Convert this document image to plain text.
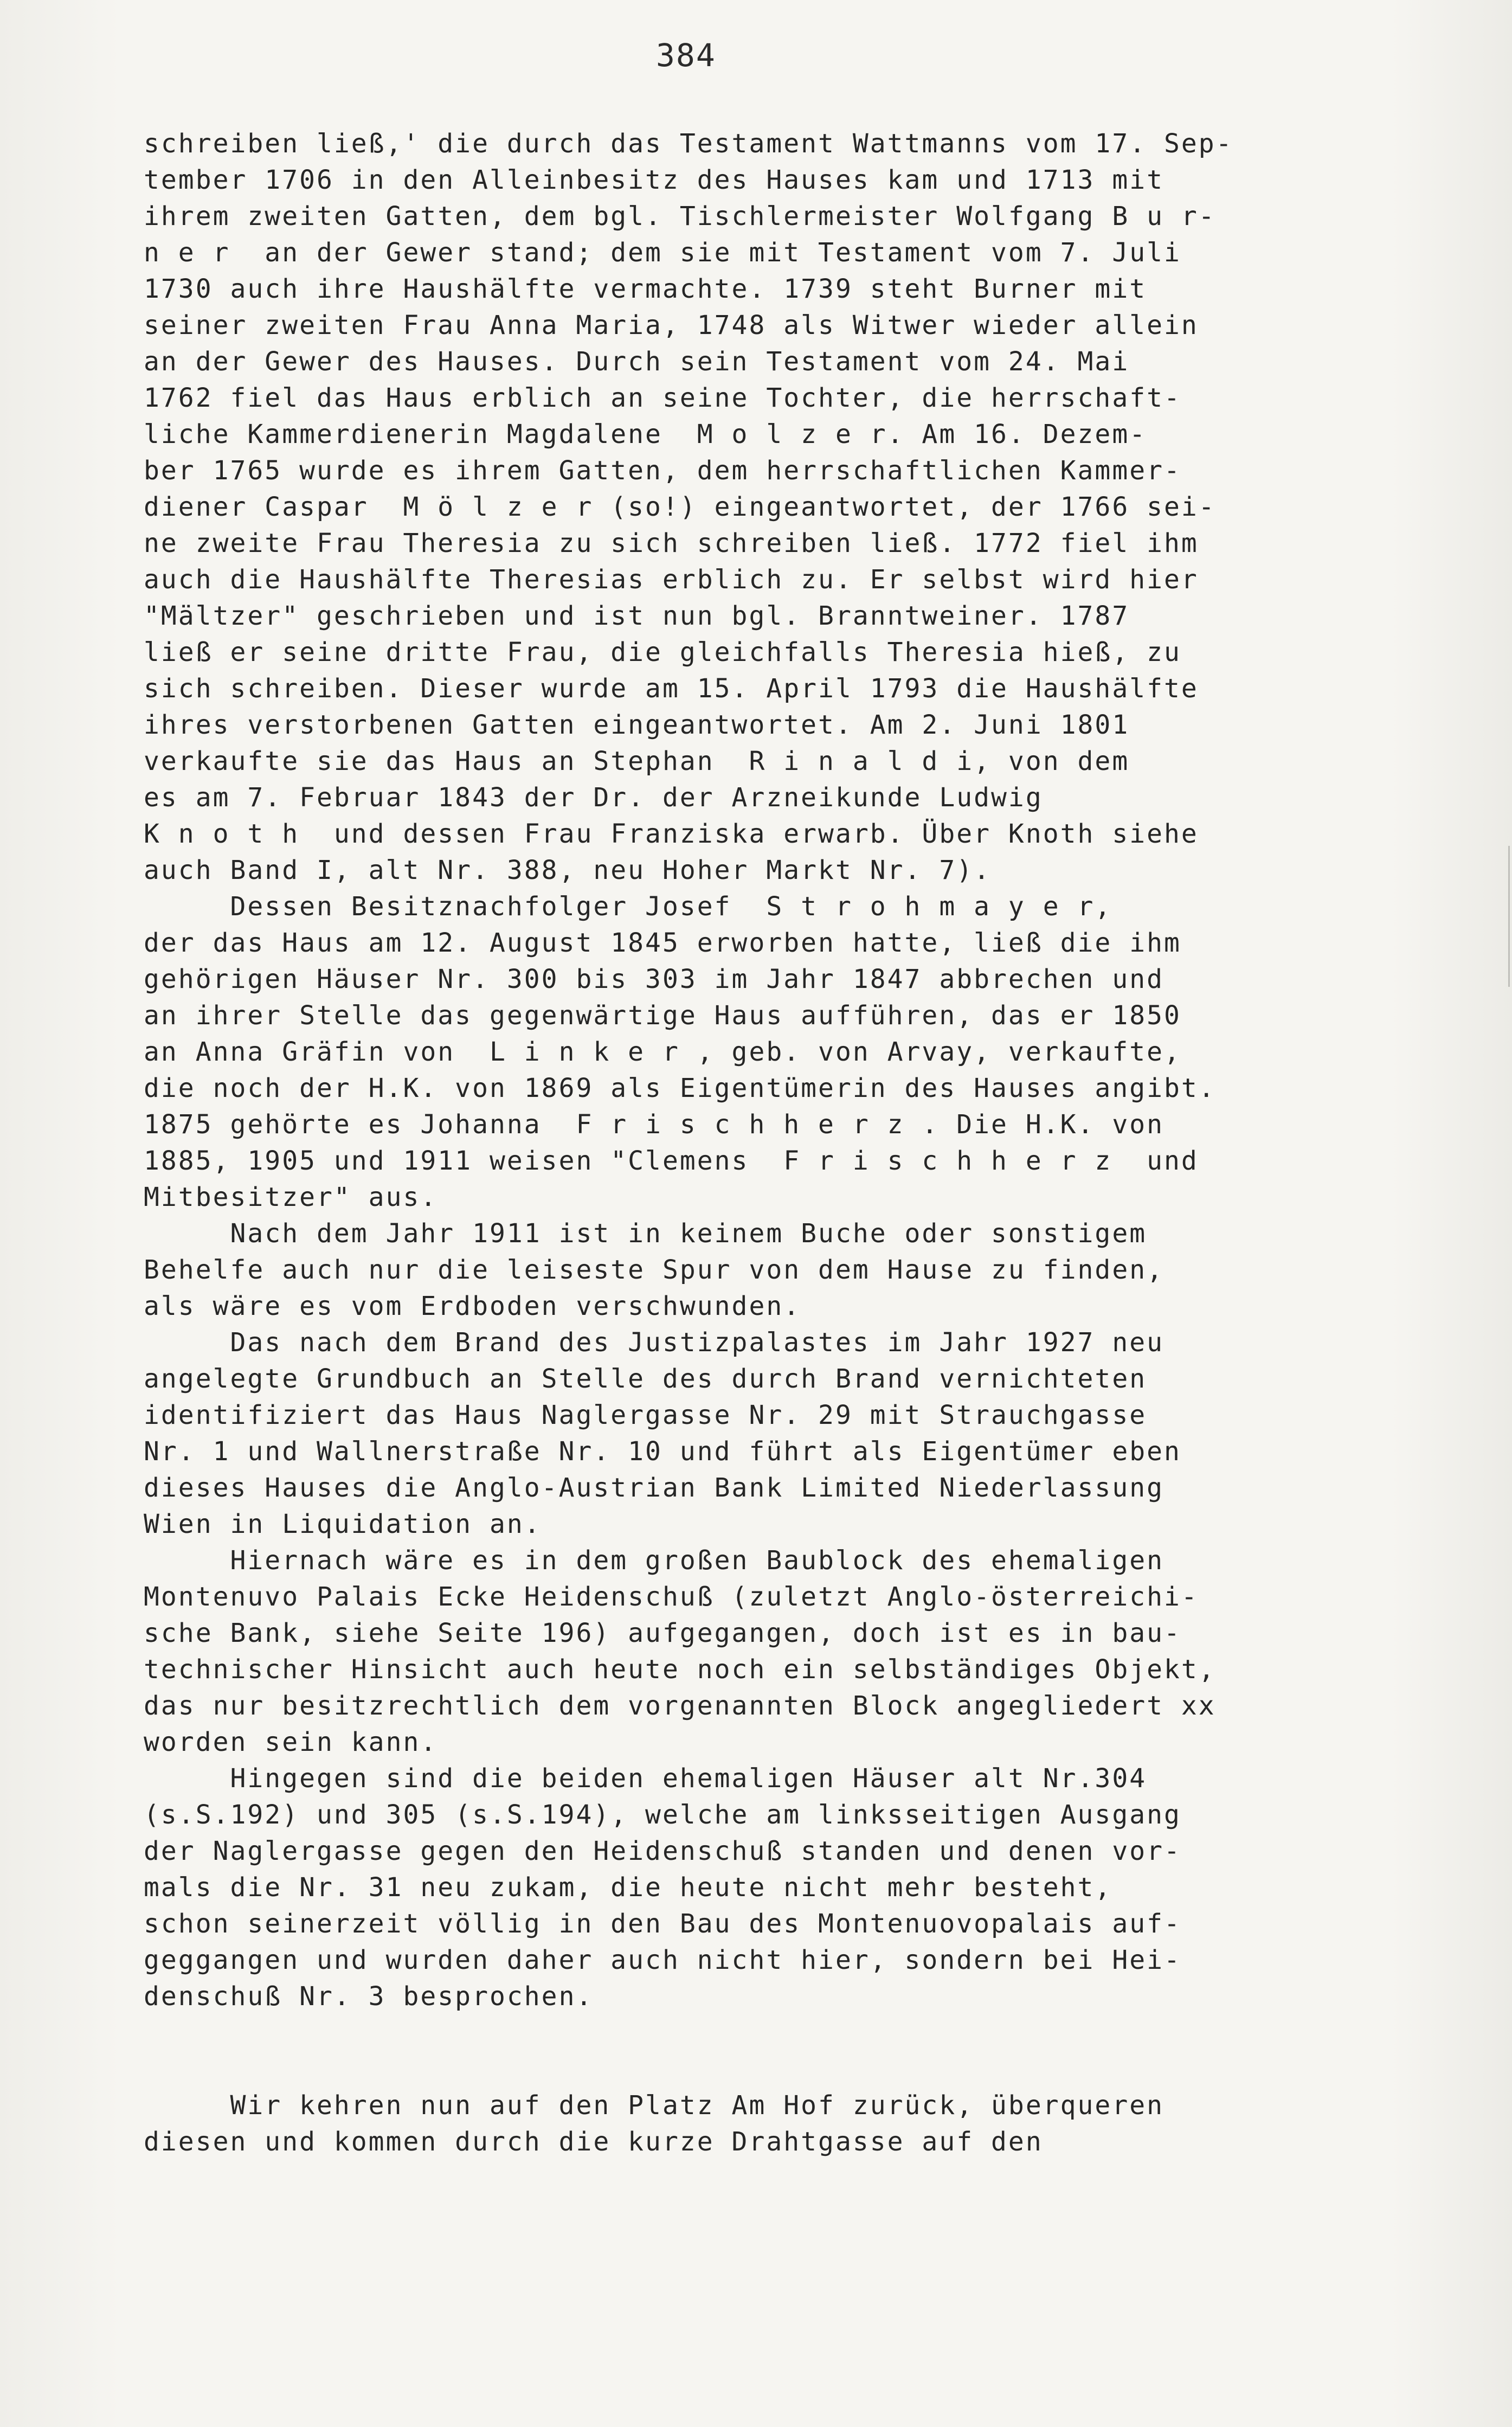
384
schreiben ließ,' die durch das Testament Wattmanns vom 17. Sep-
tember 1706 in den Alleinbesitz des Hauses kam und 1713 mit
ihrem zweiten Gatten, dem bgl. Tischlermeister Wolfgang B u r-
n e r  an der Gewer stand; dem sie mit Testament vom 7. Juli
1730 auch ihre Haushälfte vermachte. 1739 steht Burner mit
seiner zweiten Frau Anna Maria, 1748 als Witwer wieder allein
an der Gewer des Hauses. Durch sein Testament vom 24. Mai
1762 fiel das Haus erblich an seine Tochter, die herrschaft-
liche Kammerdienerin Magdalene  M o l z e r. Am 16. Dezem-
ber 1765 wurde es ihrem Gatten, dem herrschaftlichen Kammer-
diener Caspar  M ö l z e r (so!) eingeantwortet, der 1766 sei-
ne zweite Frau Theresia zu sich schreiben ließ. 1772 fiel ihm
auch die Haushälfte Theresias erblich zu. Er selbst wird hier
"Mältzer" geschrieben und ist nun bgl. Branntweiner. 1787
ließ er seine dritte Frau, die gleichfalls Theresia hieß, zu
sich schreiben. Dieser wurde am 15. April 1793 die Haushälfte
ihres verstorbenen Gatten eingeantwortet. Am 2. Juni 1801
verkaufte sie das Haus an Stephan  R i n a l d i, von dem
es am 7. Februar 1843 der Dr. der Arzneikunde Ludwig
K n o t h  und dessen Frau Franziska erwarb. Über Knoth siehe
auch Band I, alt Nr. 388, neu Hoher Markt Nr. 7).
Dessen Besitznachfolger Josef  S t r o h m a y e r,
der das Haus am 12. August 1845 erworben hatte, ließ die ihm
gehörigen Häuser Nr. 300 bis 303 im Jahr 1847 abbrechen und
an ihrer Stelle das gegenwärtige Haus aufführen, das er 1850
an Anna Gräfin von  L i n k e r , geb. von Arvay, verkaufte,
die noch der H.K. von 1869 als Eigentümerin des Hauses angibt.
1875 gehörte es Johanna  F r i s c h h e r z . Die H.K. von
1885, 1905 und 1911 weisen "Clemens  F r i s c h h e r z  und
Mitbesitzer" aus.
Nach dem Jahr 1911 ist in keinem Buche oder sonstigem
Behelfe auch nur die leiseste Spur von dem Hause zu finden,
als wäre es vom Erdboden verschwunden.
Das nach dem Brand des Justizpalastes im Jahr 1927 neu
angelegte Grundbuch an Stelle des durch Brand vernichteten
identifiziert das Haus Naglergasse Nr. 29 mit Strauchgasse
Nr. 1 und Wallnerstraße Nr. 10 und führt als Eigentümer eben
dieses Hauses die Anglo-Austrian Bank Limited Niederlassung
Wien in Liquidation an.
Hiernach wäre es in dem großen Baublock des ehemaligen
Montenuvo Palais Ecke Heidenschuß (zuletzt Anglo-österreichi-
sche Bank, siehe Seite 196) aufgegangen, doch ist es in bau-
technischer Hinsicht auch heute noch ein selbständiges Objekt,
das nur besitzrechtlich dem vorgenannten Block angegliedert xx
worden sein kann.
Hingegen sind die beiden ehemaligen Häuser alt Nr.304
(s.S.192) und 305 (s.S.194), welche am linksseitigen Ausgang
der Naglergasse gegen den Heidenschuß standen und denen vor-
mals die Nr. 31 neu zukam, die heute nicht mehr besteht,
schon seinerzeit völlig in den Bau des Montenuovopalais auf-
geggangen und wurden daher auch nicht hier, sondern bei Hei-
denschuß Nr. 3 besprochen.
Wir kehren nun auf den Platz Am Hof zurück, überqueren
diesen und kommen durch die kurze Drahtgasse auf den
